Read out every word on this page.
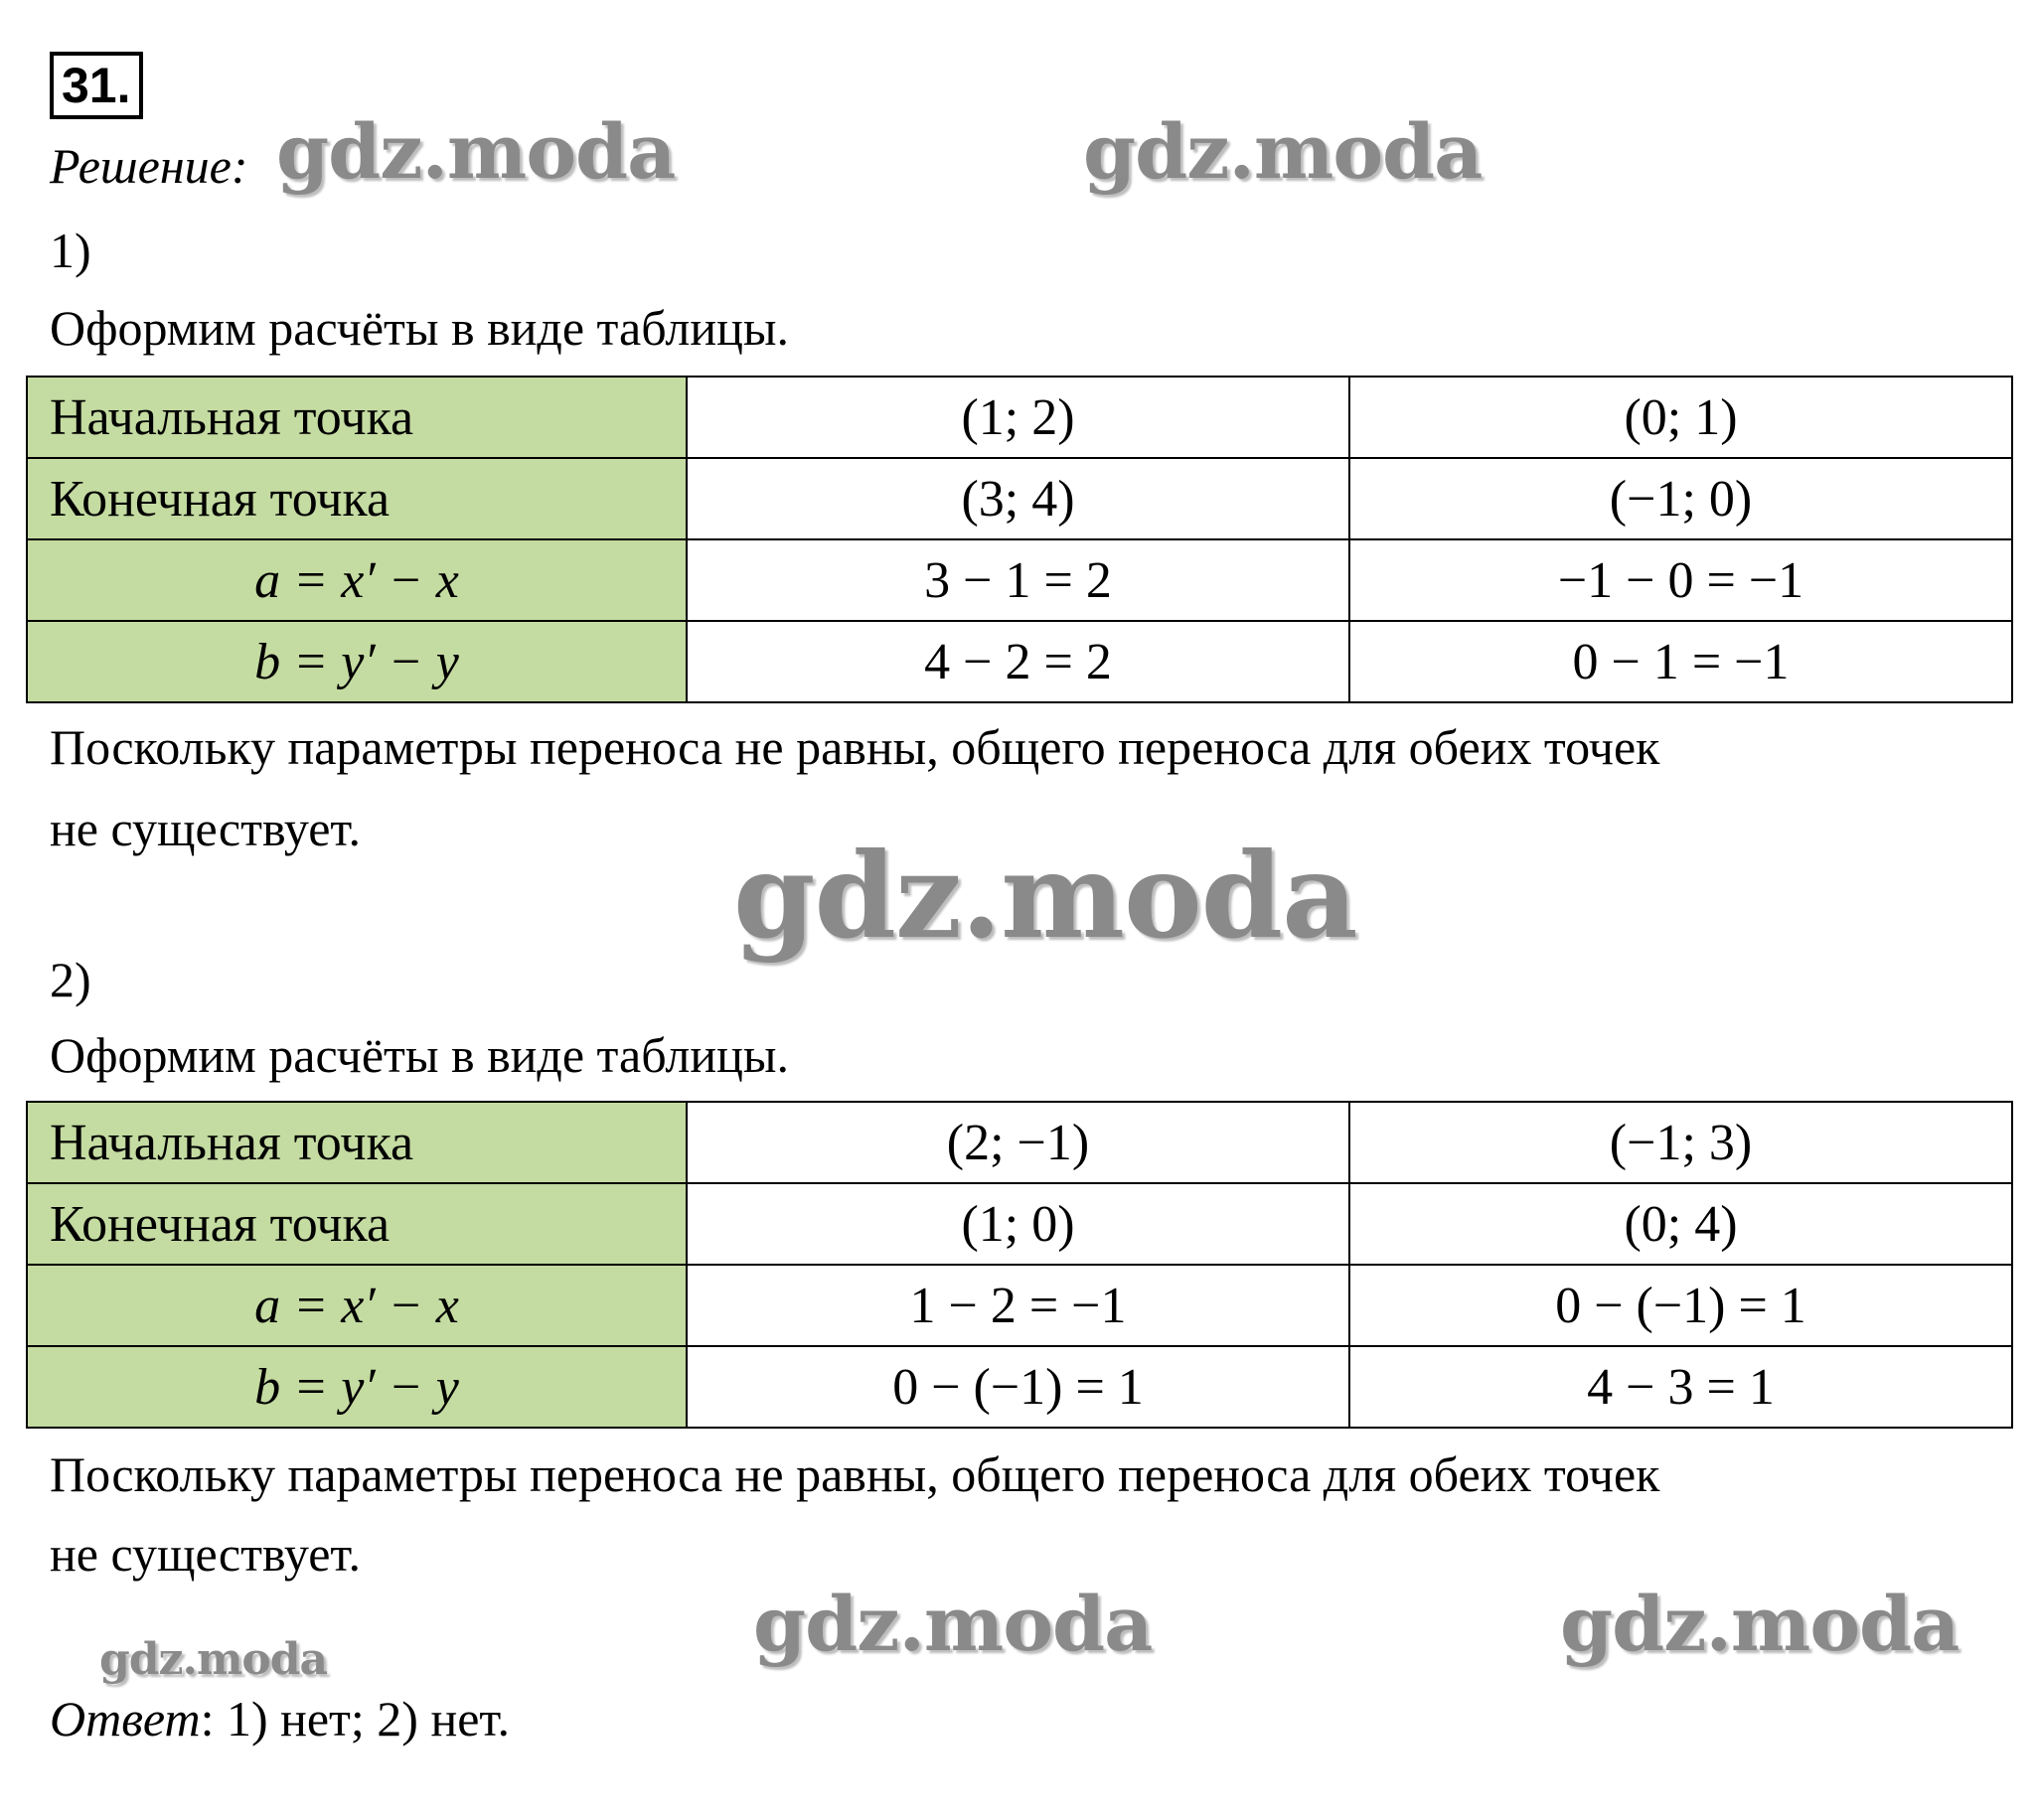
31.
Решение: gdz.moda	gdz.moda
gdz.moda
gdz.moda	gdz.moda
gdz.moda
1)
Оформим расчёты в виде таблицы.
Начальная точка	(1; 2)	(0; 1)
Конечная точка	(3; 4)	(−1; 0)
a = x′ − x	3 − 1 = 2	−1 − 0 = −1
b = y′ − y	4 − 2 = 2	0 − 1 = −1
Поскольку параметры переноса не равны, общего переноса для обеих точек
не существует.
2)
Оформим расчёты в виде таблицы.
Начальная точка	(2; −1)	(−1; 3)
Конечная точка	(1; 0)	(0; 4)
a = x′ − x	1 − 2 = −1	0 − (−1) = 1
b = y′ − y	0 − (−1) = 1	4 − 3 = 1
Поскольку параметры переноса не равны, общего переноса для обеих точек
не существует.
Ответ: 1) нет; 2) нет.
